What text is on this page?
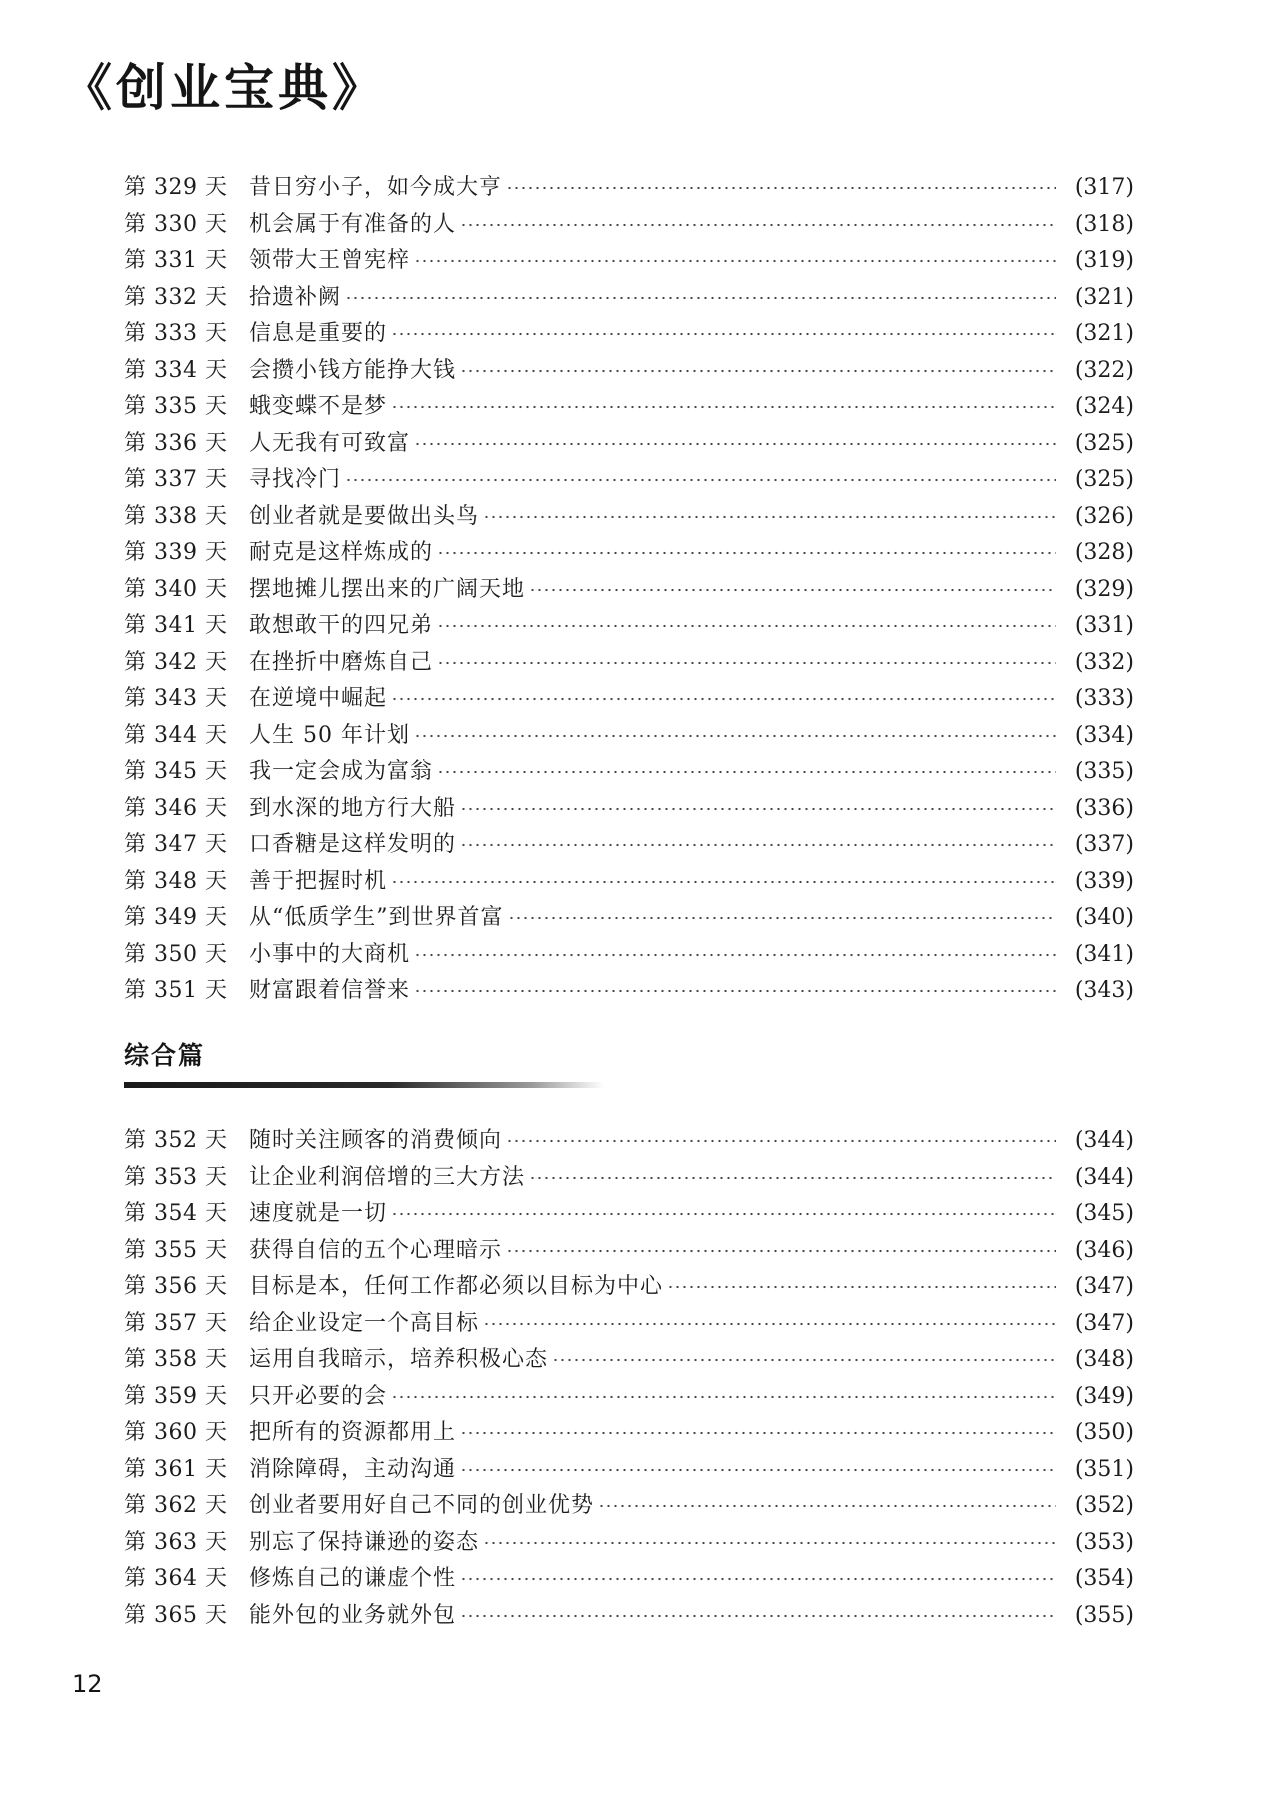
《创业宝典》
第 329 天 昔日穷小子，如今成大亨	(317)
第 330 天 机会属于有准备的人	(318)
第 331 天 领带大王曾宪梓	(319)
第 332 天 拾遗补阙	(321)
第 333 天 信息是重要的	(321)
第 334 天 会攒小钱方能挣大钱	(322)
第 335 天 蛾变蝶不是梦	(324)
第 336 天 人无我有可致富	(325)
第 337 天 寻找冷门	(325)
第 338 天 创业者就是要做出头鸟	(326)
第 339 天 耐克是这样炼成的	(328)
第 340 天 摆地摊儿摆出来的广阔天地	(329)
第 341 天 敢想敢干的四兄弟	(331)
第 342 天 在挫折中磨炼自己	(332)
第 343 天 在逆境中崛起	(333)
第 344 天 人生 50 年计划	(334)
第 345 天 我一定会成为富翁	(335)
第 346 天 到水深的地方行大船	(336)
第 347 天 口香糖是这样发明的	(337)
第 348 天 善于把握时机	(339)
第 349 天 从“低质学生”到世界首富	(340)
第 350 天 小事中的大商机	(341)
第 351 天 财富跟着信誉来	(343)
综合篇
第 352 天 随时关注顾客的消费倾向	(344)
第 353 天 让企业利润倍增的三大方法	(344)
第 354 天 速度就是一切	(345)
第 355 天 获得自信的五个心理暗示	(346)
第 356 天 目标是本，任何工作都必须以目标为中心	(347)
第 357 天 给企业设定一个高目标	(347)
第 358 天 运用自我暗示，培养积极心态	(348)
第 359 天 只开必要的会	(349)
第 360 天 把所有的资源都用上	(350)
第 361 天 消除障碍，主动沟通	(351)
第 362 天 创业者要用好自己不同的创业优势	(352)
第 363 天 别忘了保持谦逊的姿态	(353)
第 364 天 修炼自己的谦虚个性	(354)
第 365 天 能外包的业务就外包	(355)
12
